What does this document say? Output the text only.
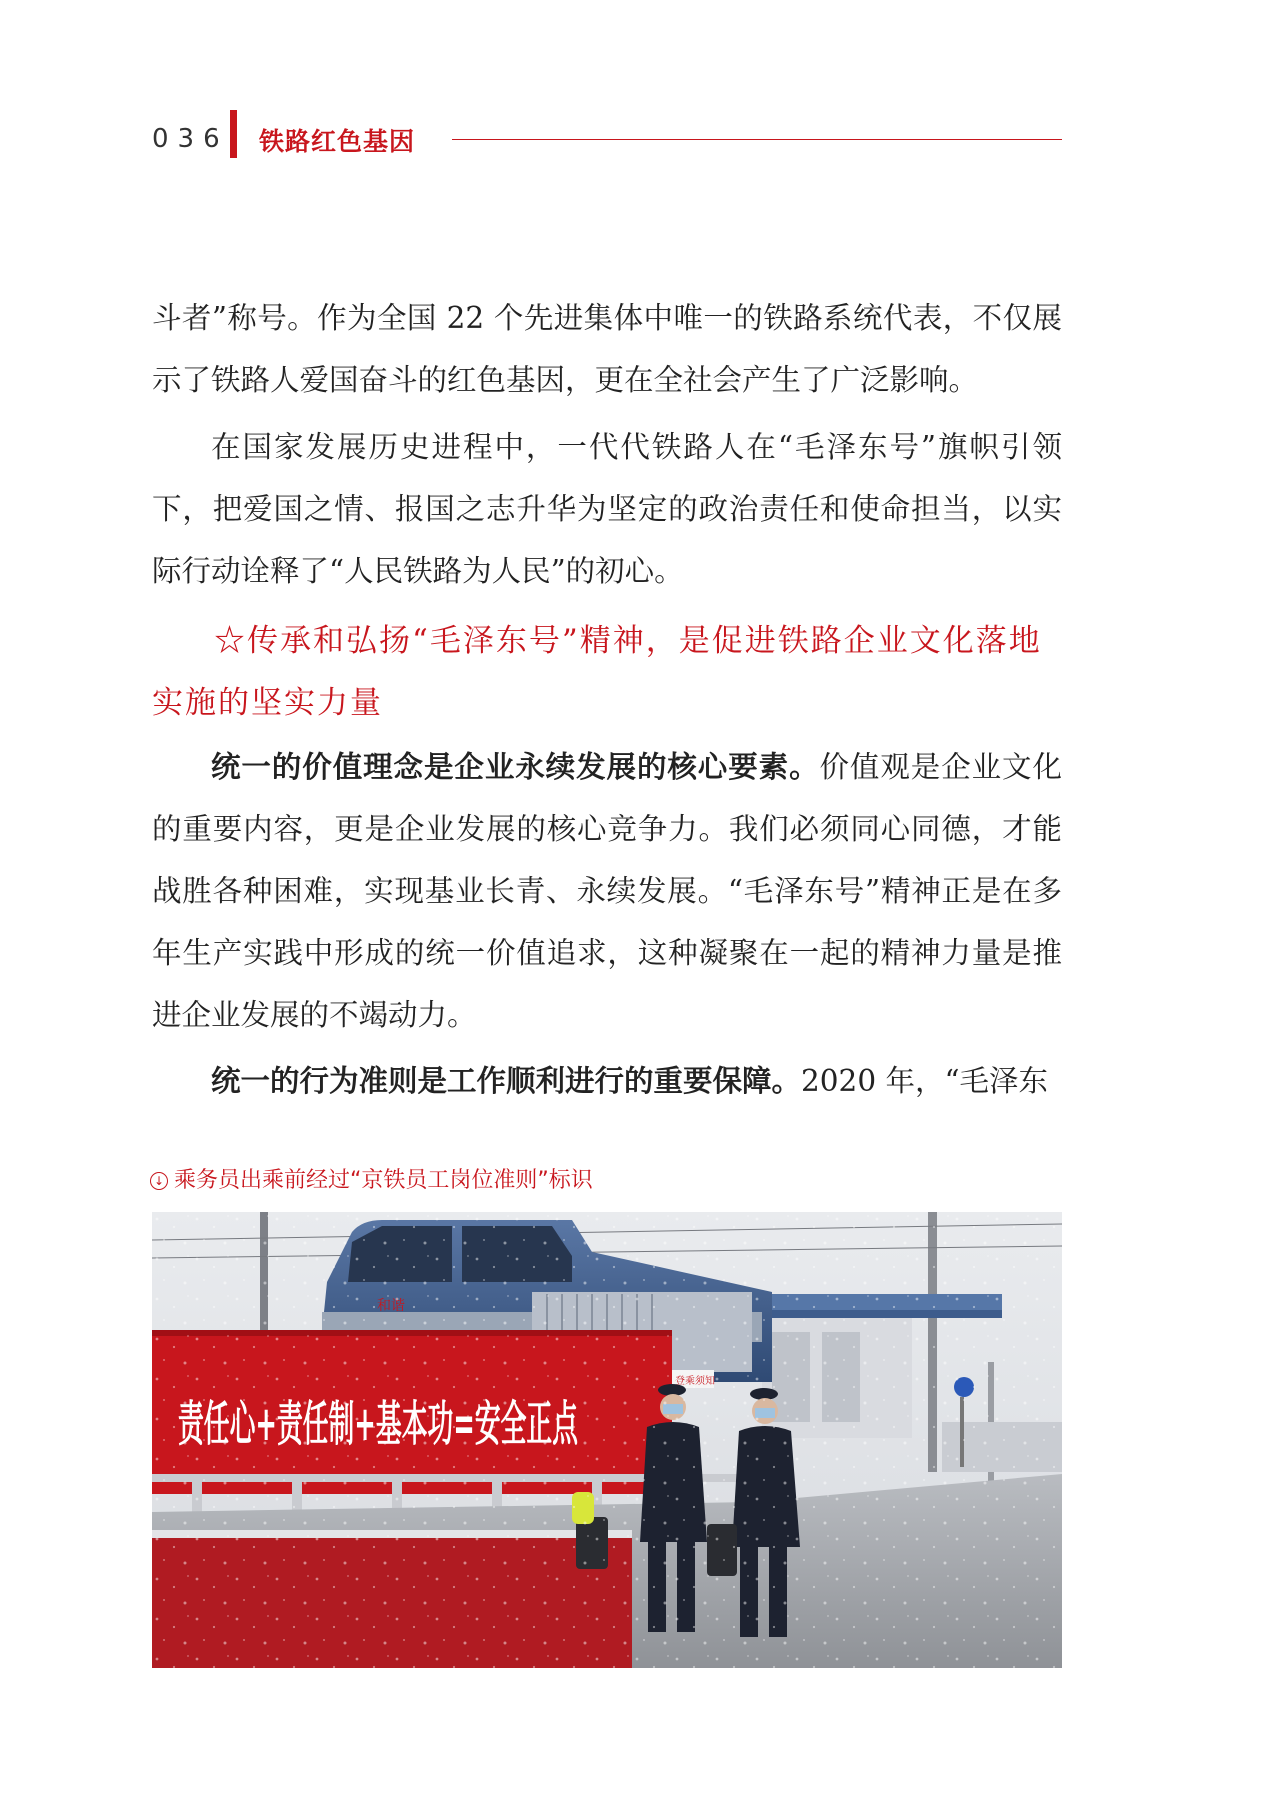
036 铁路红色基因

斗者”称号。作为全国 22 个先进集体中唯一的铁路系统代表，不仅展示了铁路人爱国奋斗的红色基因，更在全社会产生了广泛影响。

在国家发展历史进程中，一代代铁路人在“毛泽东号”旗帜引领下，把爱国之情、报国之志升华为坚定的政治责任和使命担当，以实际行动诠释了“人民铁路为人民”的初心。

☆传承和弘扬“毛泽东号”精神，是促进铁路企业文化落地实施的坚实力量

统一的价值理念是企业永续发展的核心要素。价值观是企业文化的重要内容，更是企业发展的核心竞争力。我们必须同心同德，才能战胜各种困难，实现基业长青、永续发展。“毛泽东号”精神正是在多年生产实践中形成的统一价值追求，这种凝聚在一起的精神力量是推进企业发展的不竭动力。

统一的行为准则是工作顺利进行的重要保障。2020 年，“毛泽东

↓ 乘务员出乘前经过“京铁员工岗位准则”标识
